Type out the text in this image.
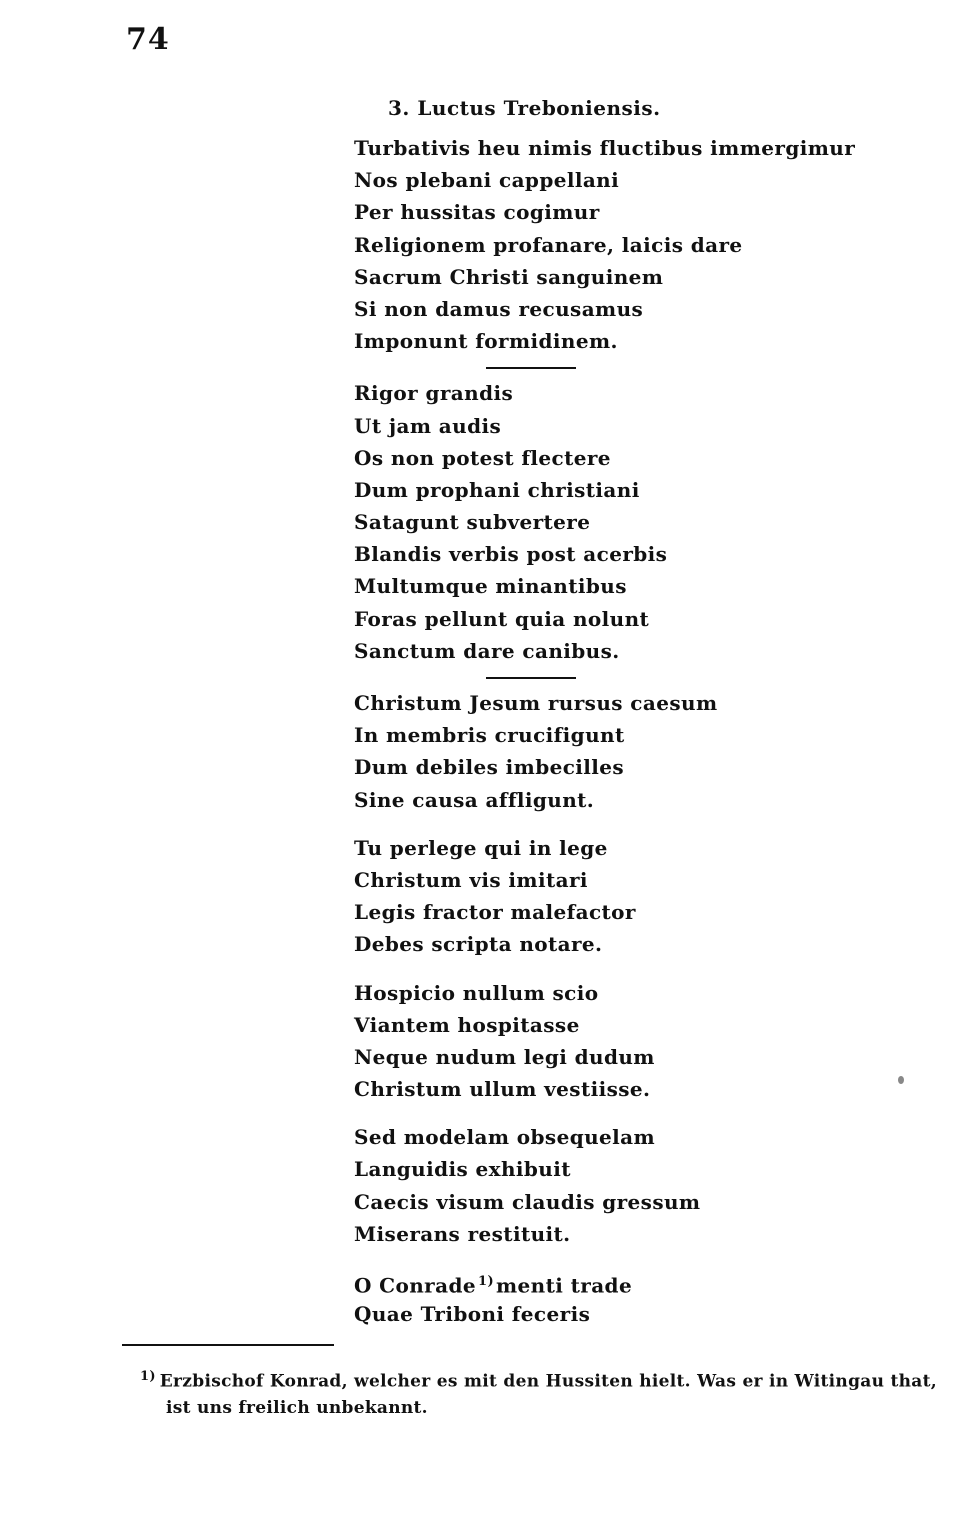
74
3. Luctus Treboniensis.
Turbativis heu nimis fluctibus immergimur
Nos plebani cappellani
Per hussitas cogimur
Religionem profanare, laicis dare
Sacrum Christi sanguinem
Si non damus recusamus
Imponunt formidinem.
Rigor grandis
Ut jam audis
Os non potest flectere
Dum prophani christiani
Satagunt subvertere
Blandis verbis post acerbis
Multumque minantibus
Foras pellunt quia nolunt
Sanctum dare canibus.
Christum Jesum rursus caesum
In membris crucifigunt
Dum debiles imbecilles
Sine causa affligunt.
Tu perlege qui in lege
Christum vis imitari
Legis fractor malefactor
Debes scripta notare.
Hospicio nullum scio
Viantem hospitasse
Neque nudum legi dudum
Christum ullum vestiisse.
Sed modelam obsequelam
Languidis exhibuit
Caecis visum claudis gressum
Miserans restituit.
O Conrade $^{1)}$ menti trade
Quae Triboni feceris
$^{1)}$ Erzbischof Konrad, welcher es mit den Hussiten hielt. Was er in Witingau that,
ist uns freilich unbekannt.
